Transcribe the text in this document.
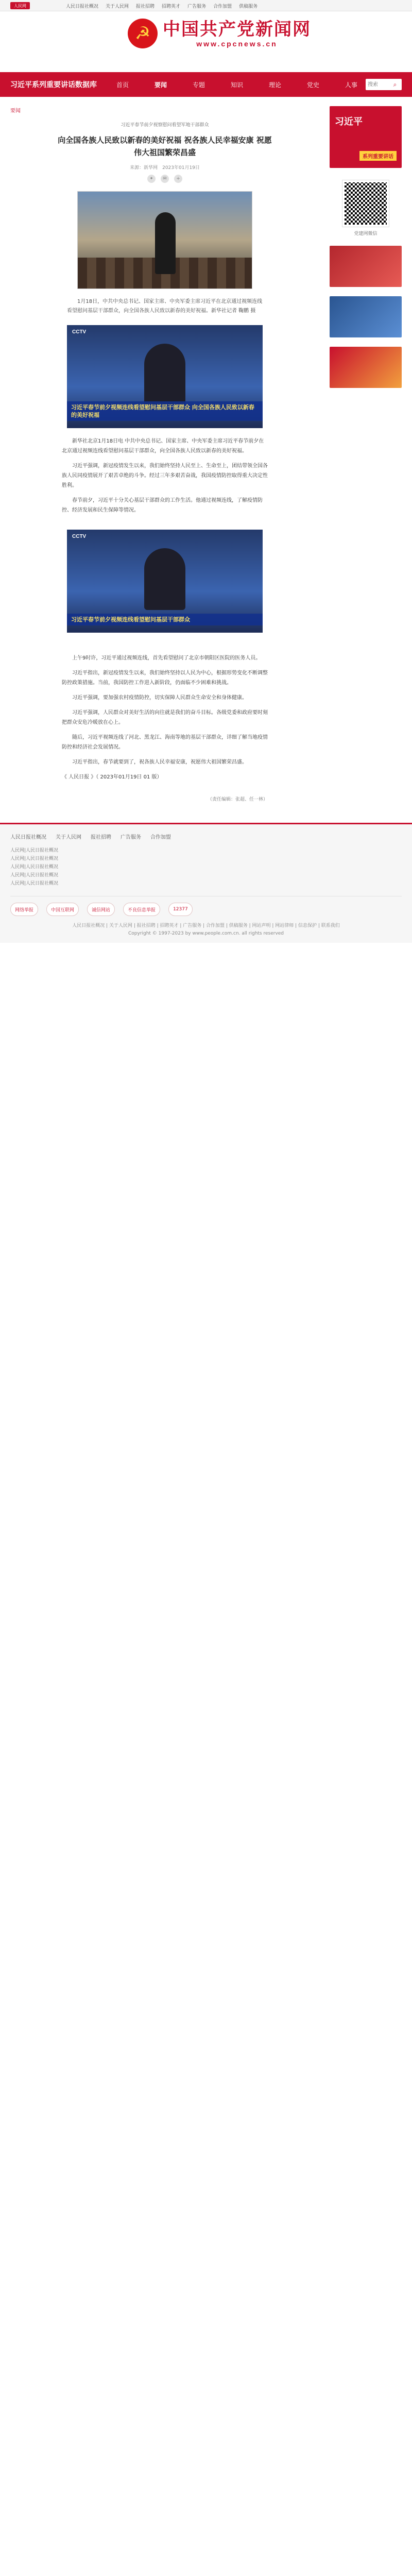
人民网	人民日报社概况 关于人民网 报社招聘 招聘英才 广告服务 合作加盟 供稿服务
☭
中国共产党新闻网
www.cpcnews.cn
习近平系列重要讲话数据库	首页	要闻	专题	知识	理论	党史	人事
搜索	⌕
要闻
习近平春节前夕视察慰问看望军地干部群众
向全国各族人民致以新春的美好祝福 祝各族人民幸福安康 祝愿伟大祖国繁荣昌盛
来源：新华网　2023年01月19日
✦	✉	+

1月18日，中共中央总书记、国家主席、中央军委主席习近平在北京通过视频连线看望慰问基层干部群众，向全国各族人民致以新春的美好祝福。新华社记者 鞠鹏 摄

CCTV
习近平春节前夕视频连线看望慰问基层干部群众 向全国各族人民致以新春的美好祝福

新华社北京1月18日电 中共中央总书记、国家主席、中央军委主席习近平春节前夕在北京通过视频连线看望慰问基层干部群众，向全国各族人民致以新春的美好祝福。

习近平强调，新冠疫情发生以来，我们始终坚持人民至上、生命至上，团结带领全国各族人民同疫情展开了艰苦卓绝的斗争。经过三年多艰苦奋战，我国疫情防控取得重大决定性胜利。

春节前夕，习近平十分关心基层干部群众的工作生活。他通过视频连线，了解疫情防控、经济发展和民生保障等情况。

CCTV
习近平春节前夕视频连线看望慰问基层干部群众

上午9时许，习近平通过视频连线，首先看望慰问了北京市朝阳区医院的医务人员。

习近平指出，新冠疫情发生以来，我们始终坚持以人民为中心，根据形势变化不断调整防控政策措施。当前，我国防控工作进入新阶段，仍面临不少困难和挑战。

习近平强调，要加强农村疫情防控，切实保障人民群众生命安全和身体健康。

习近平强调，人民群众对美好生活的向往就是我们的奋斗目标。各级党委和政府要时刻把群众安危冷暖放在心上。

随后，习近平视频连线了河北、黑龙江、海南等地的基层干部群众，详细了解当地疫情防控和经济社会发展情况。

习近平指出，春节就要到了，祝各族人民幸福安康，祝愿伟大祖国繁荣昌盛。

《 人民日报 》（ 2023年01月19日 01 版）
（责任编辑：张超、任一林）
习近平
系列重要讲话
党建网微信
人民日报社概况 关于人民网 报社招聘 广告服务 合作加盟
人民网|人民日报社概况
人民网|人民日报社概况
人民网|人民日报社概况
人民网|人民日报社概况
人民网|人民日报社概况
网络举报	中国互联网	诚信网站	不良信息举报	12377
人民日报社概况 | 关于人民网 | 报社招聘 | 招聘英才 | 广告服务 | 合作加盟 | 供稿服务 | 网站声明 | 网站律师 | 信息保护 | 联系我们
Copyright © 1997-2023 by www.people.com.cn. all rights reserved
